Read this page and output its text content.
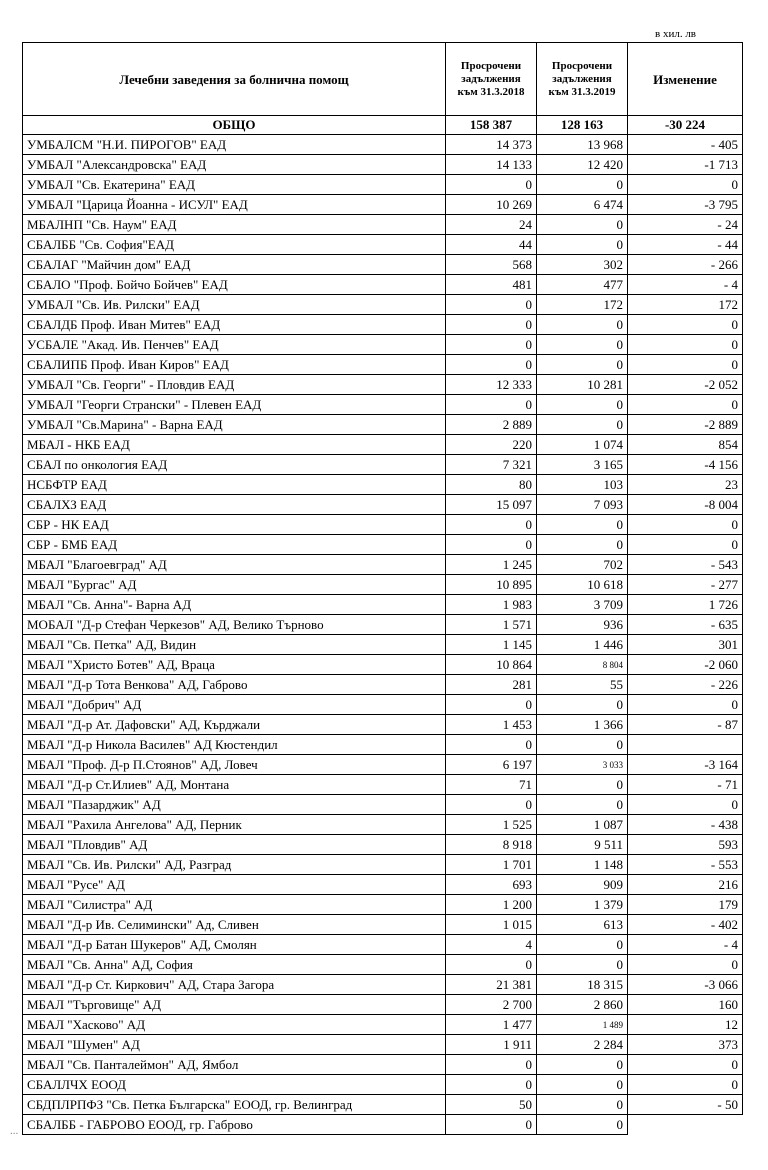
в хил. лв
Лечебни заведения за болнична помощ	Просрочени задължения към 31.3.2018	Просрочени задължения към 31.3.2019	Изменение
ОБЩО	158 387	128 163	-30 224
УМБАЛСМ "Н.И. ПИРОГОВ" ЕАД	14 373	13 968	- 405
УМБАЛ "Александровска" ЕАД	14 133	12 420	-1 713
УМБАЛ "Св. Екатерина" ЕАД	0	0	0
УМБАЛ "Царица Йоанна - ИСУЛ" ЕАД	10 269	6 474	-3 795
МБАЛНП "Св. Наум" ЕАД	24	0	- 24
СБАЛББ "Св. София"ЕАД	44	0	- 44
СБАЛАГ "Майчин дом" ЕАД	568	302	- 266
СБАЛО "Проф. Бойчо Бойчев" ЕАД	481	477	- 4
УМБАЛ "Св. Ив. Рилски" ЕАД	0	172	172
СБАЛДБ Проф. Иван Митев" ЕАД	0	0	0
УСБАЛЕ "Акад. Ив. Пенчев" ЕАД	0	0	0
СБАЛИПБ Проф. Иван Киров" ЕАД	0	0	0
УМБАЛ "Св. Георги" - Пловдив ЕАД	12 333	10 281	-2 052
УМБАЛ "Георги Странски" - Плевен ЕАД	0	0	0
УМБАЛ "Св.Марина" - Варна ЕАД	2 889	0	-2 889
МБАЛ - НКБ ЕАД	220	1 074	854
СБАЛ по онкология ЕАД	7 321	3 165	-4 156
НСБФТР ЕАД	80	103	23
СБАЛХЗ ЕАД	15 097	7 093	-8 004
СБР - НК ЕАД	0	0	0
СБР - БМБ ЕАД	0	0	0
МБАЛ "Благоевград" АД	1 245	702	- 543
МБАЛ "Бургас" АД	10 895	10 618	- 277
МБАЛ "Св. Анна"- Варна АД	1 983	3 709	1 726
МОБАЛ "Д-р Стефан Черкезов" АД, Велико Търново	1 571	936	- 635
МБАЛ "Св. Петка" АД, Видин	1 145	1 446	301
МБАЛ "Христо Ботев" АД, Враца	10 864	8 804	-2 060
МБАЛ "Д-р Тота Венкова" АД, Габрово	281	55	- 226
МБАЛ "Добрич" АД	0	0	0
МБАЛ "Д-р Ат. Дафовски" АД, Кърджали	1 453	1 366	- 87
МБАЛ "Д-р Никола Василев" АД Кюстендил	0	0	
МБАЛ "Проф. Д-р П.Стоянов" АД, Ловеч	6 197	3 033	-3 164
МБАЛ "Д-р Ст.Илиев" АД, Монтана	71	0	- 71
МБАЛ "Пазарджик" АД	0	0	0
МБАЛ "Рахила Ангелова" АД, Перник	1 525	1 087	- 438
МБАЛ "Пловдив" АД	8 918	9 511	593
МБАЛ "Св. Ив. Рилски" АД, Разград	1 701	1 148	- 553
МБАЛ "Русе" АД	693	909	216
МБАЛ "Силистра" АД	1 200	1 379	179
МБАЛ "Д-р Ив. Селимински" Ад, Сливен	1 015	613	- 402
МБАЛ "Д-р Батан Шукеров" АД, Смолян	4	0	- 4
МБАЛ "Св. Анна" АД, София	0	0	0
МБАЛ "Д-р Ст. Киркович" АД, Стара Загора	21 381	18 315	-3 066
МБАЛ "Търговище" АД	2 700	2 860	160
МБАЛ "Хасково" АД	1 477	1 489	12
МБАЛ "Шумен" АД	1 911	2 284	373
МБАЛ "Св. Панталеймон" АД, Ямбол	0	0	0
СБАЛЛЧХ ЕООД	0	0	0
СБДПЛРПФЗ "Св. Петка Българска" ЕООД, гр. Велинград	50	0	- 50
СБАЛББ - ГАБРОВО ЕООД, гр. Габрово	0	0	
...
